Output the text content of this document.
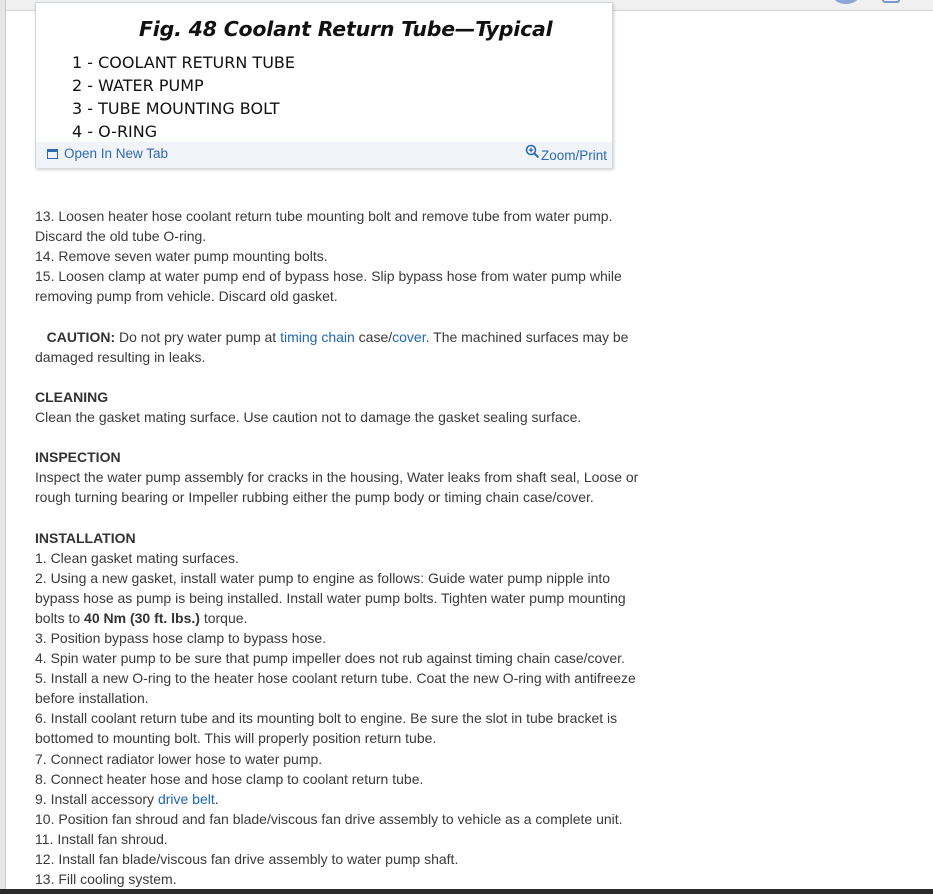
Fig. 48 Coolant Return Tube—Typical
1 - COOLANT RETURN TUBE
2 - WATER PUMP
3 - TUBE MOUNTING BOLT
4 - O-RING
Open In New Tab	Zoom/Print

13. Loosen heater hose coolant return tube mounting bolt and remove tube from water pump.

Discard the old tube O-ring.

14. Remove seven water pump mounting bolts.

15. Loosen clamp at water pump end of bypass hose. Slip bypass hose from water pump while

removing pump from vehicle. Discard old gasket.

CAUTION: Do not pry water pump at timing chain case/cover. The machined surfaces may be

damaged resulting in leaks.

CLEANING

Clean the gasket mating surface. Use caution not to damage the gasket sealing surface.

INSPECTION

Inspect the water pump assembly for cracks in the housing, Water leaks from shaft seal, Loose or

rough turning bearing or Impeller rubbing either the pump body or timing chain case/cover.

INSTALLATION

1. Clean gasket mating surfaces.

2. Using a new gasket, install water pump to engine as follows: Guide water pump nipple into

bypass hose as pump is being installed. Install water pump bolts. Tighten water pump mounting

bolts to 40 Nm (30 ft. lbs.) torque.

3. Position bypass hose clamp to bypass hose.

4. Spin water pump to be sure that pump impeller does not rub against timing chain case/cover.

5. Install a new O-ring to the heater hose coolant return tube. Coat the new O-ring with antifreeze

before installation.

6. Install coolant return tube and its mounting bolt to engine. Be sure the slot in tube bracket is

bottomed to mounting bolt. This will properly position return tube.

7. Connect radiator lower hose to water pump.

8. Connect heater hose and hose clamp to coolant return tube.

9. Install accessory drive belt.

10. Position fan shroud and fan blade/viscous fan drive assembly to vehicle as a complete unit.

11. Install fan shroud.

12. Install fan blade/viscous fan drive assembly to water pump shaft.

13. Fill cooling system.
